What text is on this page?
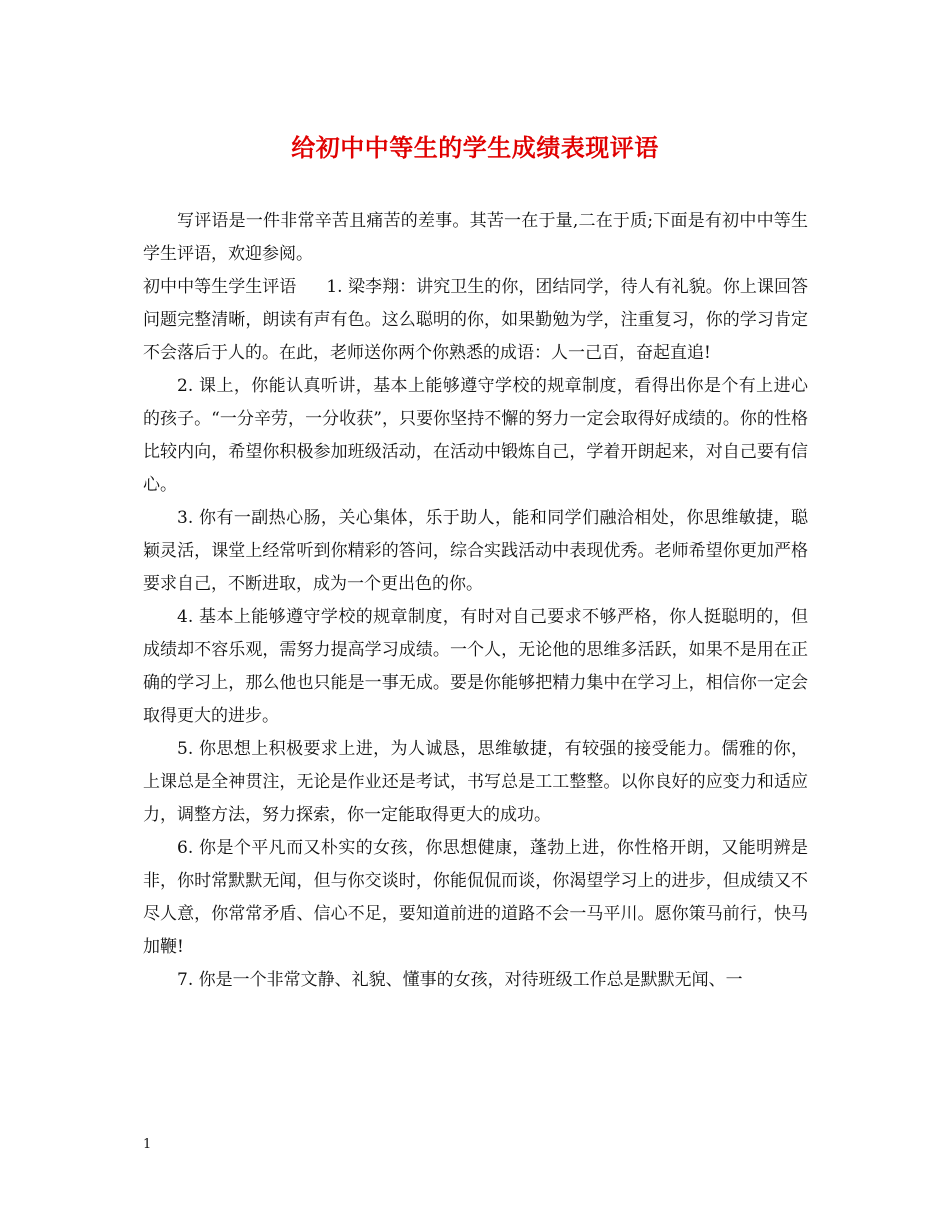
给初中中等生的学生成绩表现评语

写评语是一件非常辛苦且痛苦的差事。其苦一在于量,二在于质;下面是有初中中等生学生评语，欢迎参阅。

初中中等生学生评语 1. 梁李翔：讲究卫生的你，团结同学，待人有礼貌。你上课回答问题完整清晰，朗读有声有色。这么聪明的你，如果勤勉为学，注重复习，你的学习肯定不会落后于人的。在此，老师送你两个你熟悉的成语：人一己百，奋起直追!

2. 课上，你能认真听讲，基本上能够遵守学校的规章制度，看得出你是个有上进心的孩子。“一分辛劳，一分收获”，只要你坚持不懈的努力一定会取得好成绩的。你的性格比较内向，希望你积极参加班级活动，在活动中锻炼自己，学着开朗起来，对自己要有信心。

3. 你有一副热心肠，关心集体，乐于助人，能和同学们融洽相处，你思维敏捷，聪颖灵活，课堂上经常听到你精彩的答问，综合实践活动中表现优秀。老师希望你更加严格要求自己，不断进取，成为一个更出色的你。

4. 基本上能够遵守学校的规章制度，有时对自己要求不够严格，你人挺聪明的，但成绩却不容乐观，需努力提高学习成绩。一个人，无论他的思维多活跃，如果不是用在正确的学习上，那么他也只能是一事无成。要是你能够把精力集中在学习上，相信你一定会取得更大的进步。

5. 你思想上积极要求上进，为人诚恳，思维敏捷，有较强的接受能力。儒雅的你，上课总是全神贯注，无论是作业还是考试，书写总是工工整整。以你良好的应变力和适应力，调整方法，努力探索，你一定能取得更大的成功。

6. 你是个平凡而又朴实的女孩，你思想健康，蓬勃上进，你性格开朗，又能明辨是非，你时常默默无闻，但与你交谈时，你能侃侃而谈，你渴望学习上的进步，但成绩又不尽人意，你常常矛盾、信心不足，要知道前进的道路不会一马平川。愿你策马前行，快马加鞭!

7. 你是一个非常文静、礼貌、懂事的女孩，对待班级工作总是默默无闻、一

1
